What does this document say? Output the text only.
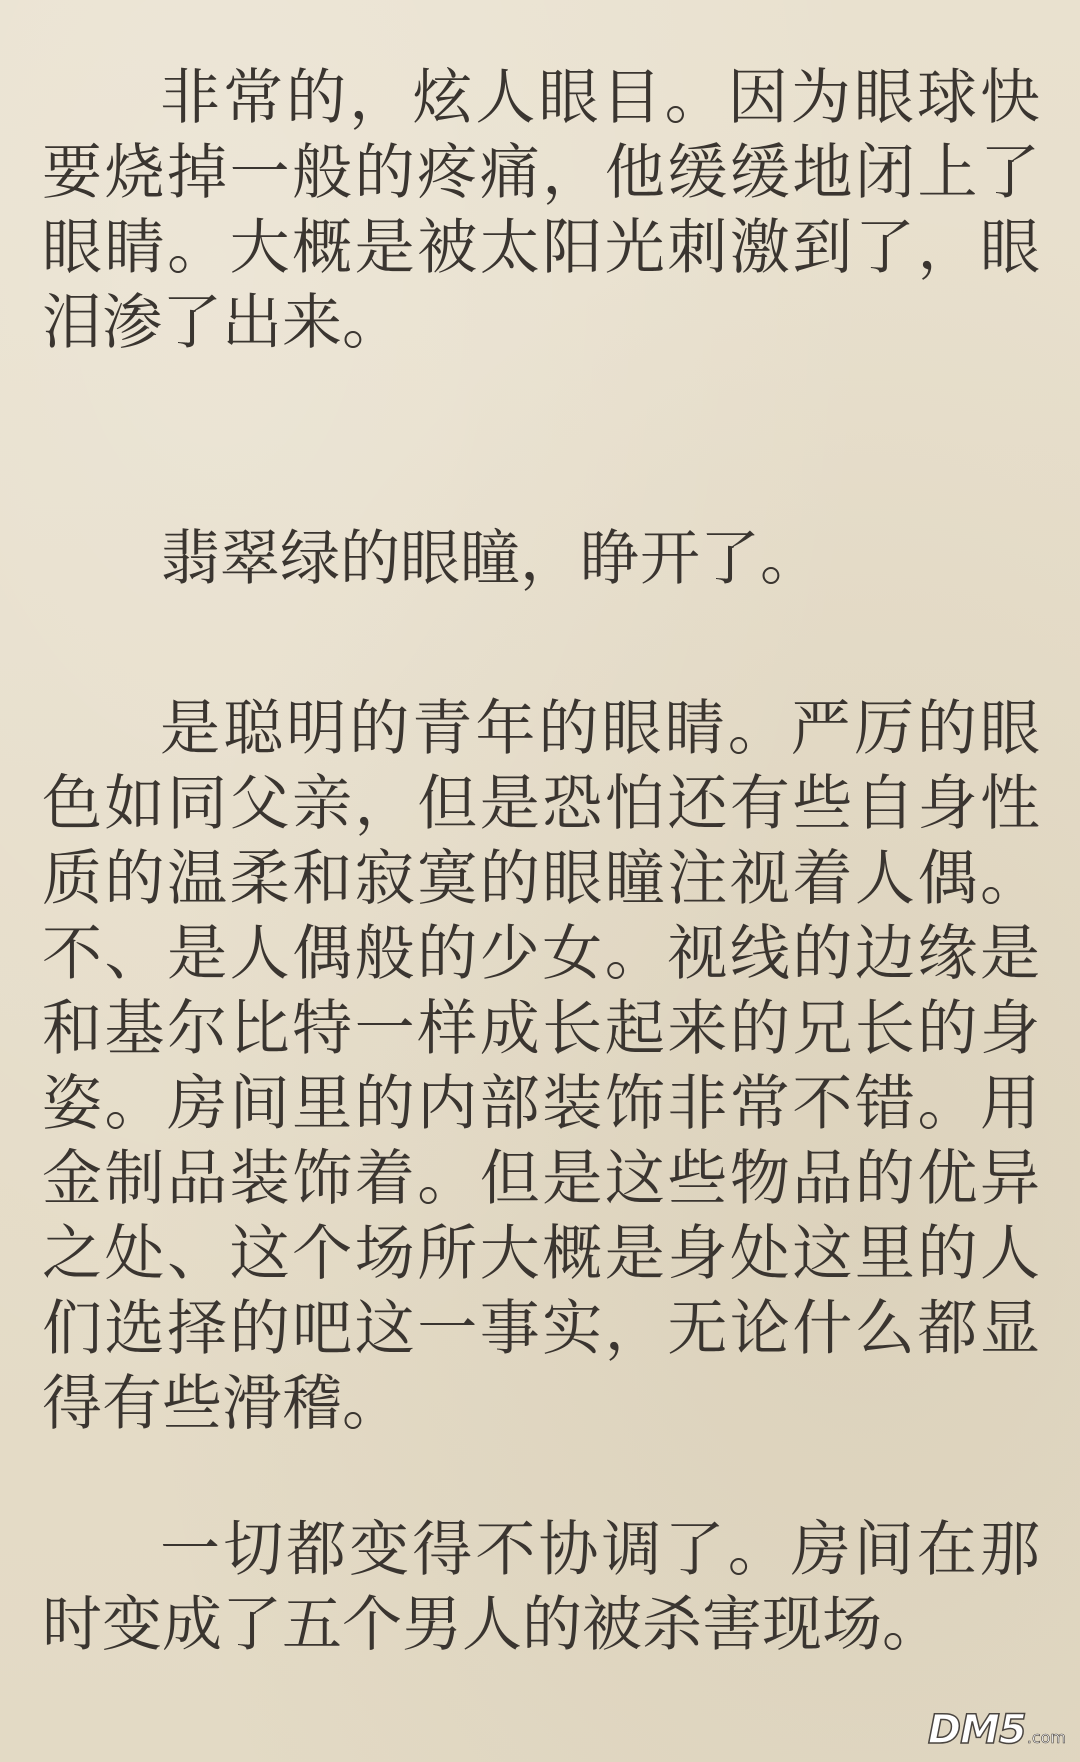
非常的，炫人眼目。因为眼球快要烧掉一般的疼痛，他缓缓地闭上了眼睛。大概是被太阳光刺激到了，眼泪渗了出来。

翡翠绿的眼瞳，睁开了。

是聪明的青年的眼睛。严厉的眼色如同父亲，但是恐怕还有些自身性质的温柔和寂寞的眼瞳注视着人偶。不、是人偶般的少女。视线的边缘是和基尔比特一样成长起来的兄长的身姿。房间里的内部装饰非常不错。用金制品装饰着。但是这些物品的优异之处、这个场所大概是身处这里的人们选择的吧这一事实，无论什么都显得有些滑稽。

一切都变得不协调了。房间在那时变成了五个男人的被杀害现场。

DM5 .com
